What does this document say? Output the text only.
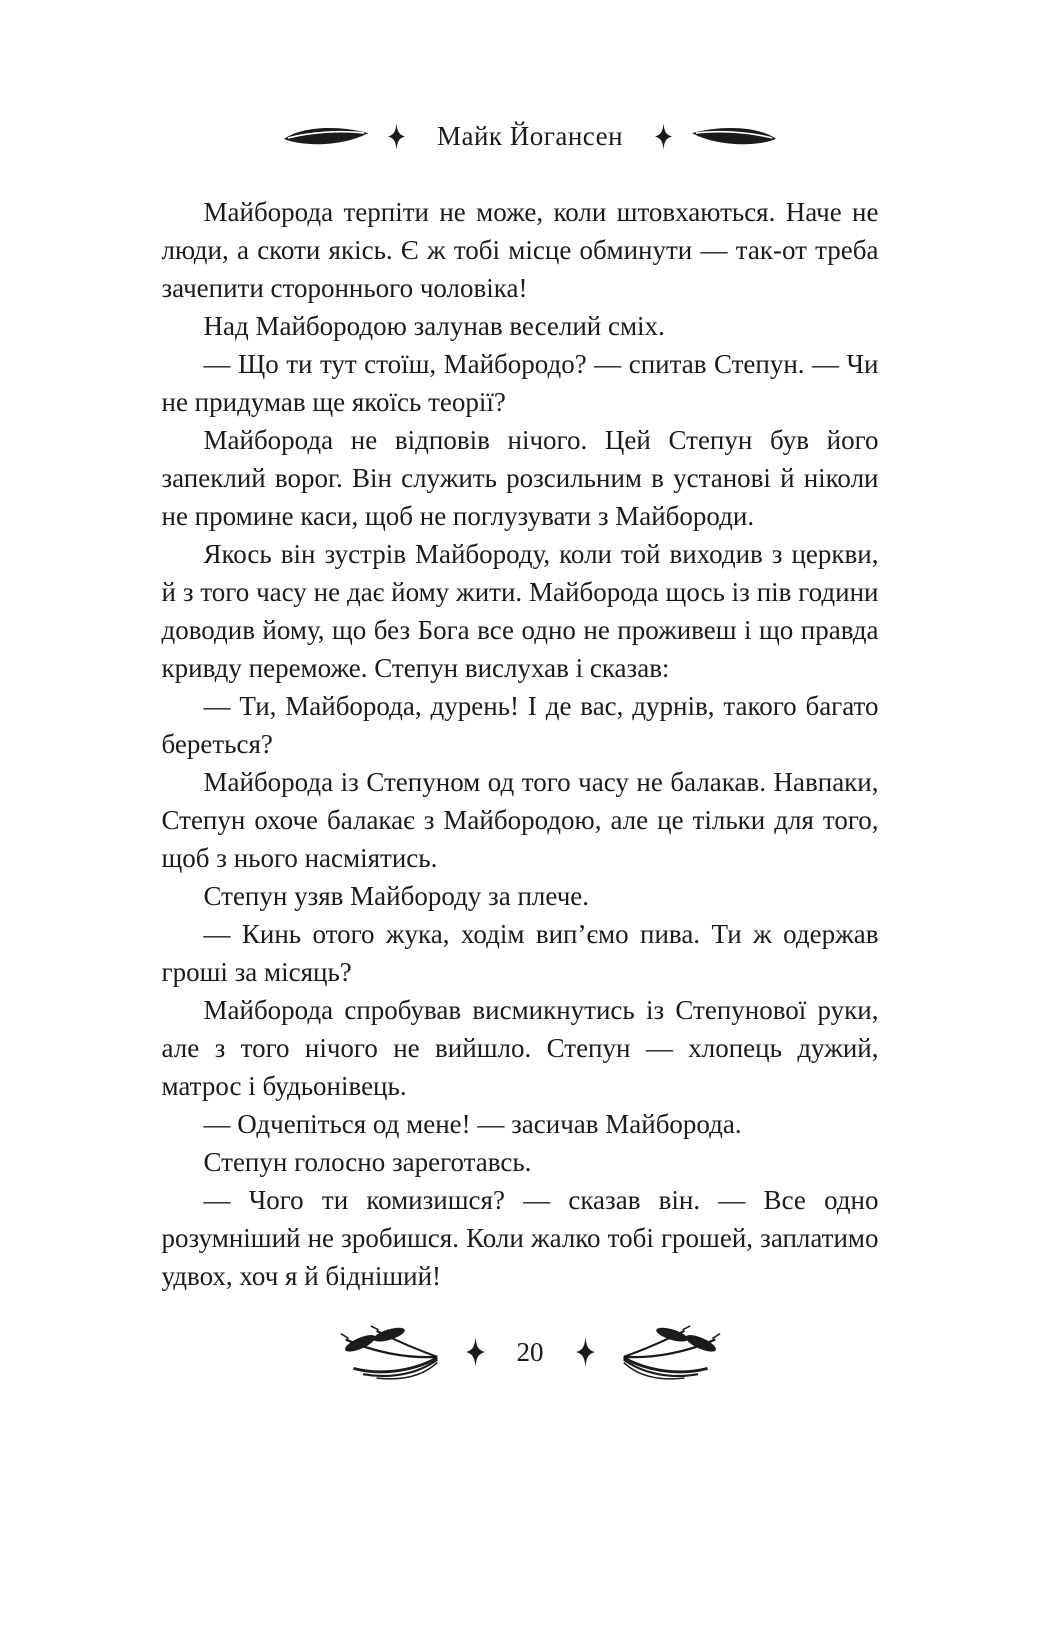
Майк Йогансен

Майборода терпіти не може, коли штовхаються. Наче не люди, а скоти якісь. Є ж тобі місце обминути — так-от треба зачепити стороннього чоловіка!

Над Майбородою залунав веселий сміх.

— Що ти тут стоїш, Майбородо? — спитав Степун. — Чи не придумав ще якоїсь теорії?

Майборода не відповів нічого. Цей Степун був його запеклий ворог. Він служить розсильним в установі й ніколи не промине каси, щоб не поглузувати з Майбороди.

Якось він зустрів Майбороду, коли той виходив з церкви, й з того часу не дає йому жити. Майборода щось із пів години доводив йому, що без Бога все одно не проживеш і що правда кривду переможе. Степун вислухав і сказав:

— Ти, Майборода, дурень! І де вас, дурнів, такого багато береться?

Майборода із Степуном од того часу не балакав. Навпаки, Степун охоче балакає з Майбородою, але це тільки для того, щоб з нього насміятись.

Степун узяв Майбороду за плече.

— Кинь отого жука, ходім вип’ємо пива. Ти ж одержав гроші за місяць?

Майборода спробував висмикнутись із Степунової руки, але з того нічого не вийшло. Степун — хлопець дужий, матрос і будьонівець.

— Одчепіться од мене! — засичав Майборода.

Степун голосно зареготавсь.

— Чого ти комизишся? — сказав він. — Все одно розумніший не зробишся. Коли жалко тобі грошей, заплатимо удвох, хоч я й бідніший!

20
